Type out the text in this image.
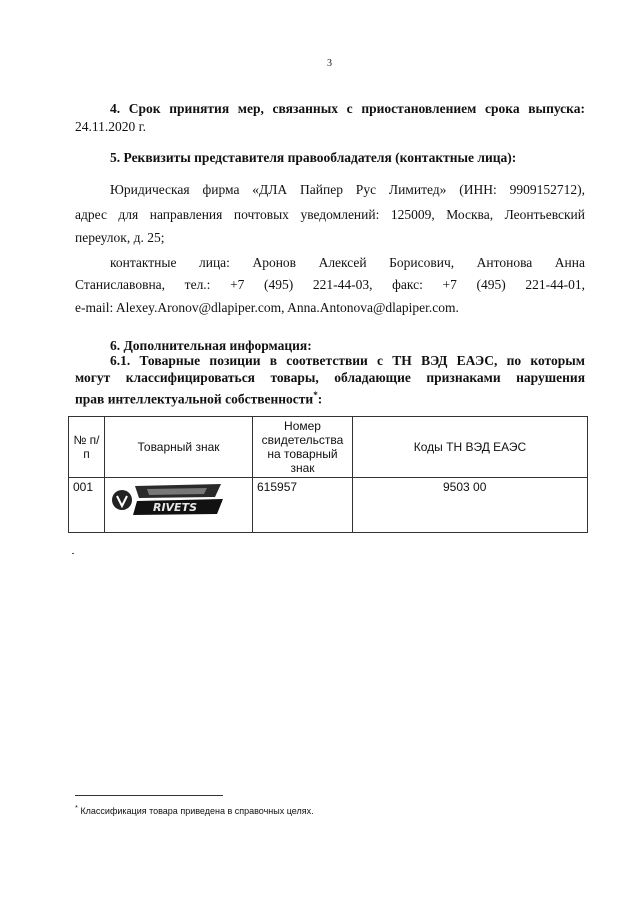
3
4. Срок принятия мер, связанных с приостановлением срока выпуска:
24.11.2020 г.
5. Реквизиты представителя правообладателя (контактные лица):
Юридическая фирма «ДЛА Пайпер Рус Лимитед» (ИНН: 9909152712),
адрес для направления почтовых уведомлений: 125009, Москва, Леонтьевский
переулок, д. 25;
контактные лица: Аронов Алексей Борисович, Антонова Анна
Станиславовна, тел.: +7 (495) 221-44-03, факс: +7 (495) 221-44-01,
e-mail: Alexey.Aronov@dlapiper.com, Anna.Antonova@dlapiper.com.
6. Дополнительная информация:
6.1. Товарные позиции в соответствии с ТН ВЭД ЕАЭС, по которым
могут классифицироваться товары, обладающие признаками нарушения
прав интеллектуальной собственности*:
№ п/п	Товарный знак	Номер свидетельства на товарный знак	Коды ТН ВЭД ЕАЭС
001	RIVETS	615957	9503 00
* Классификация товара приведена в справочных целях.
